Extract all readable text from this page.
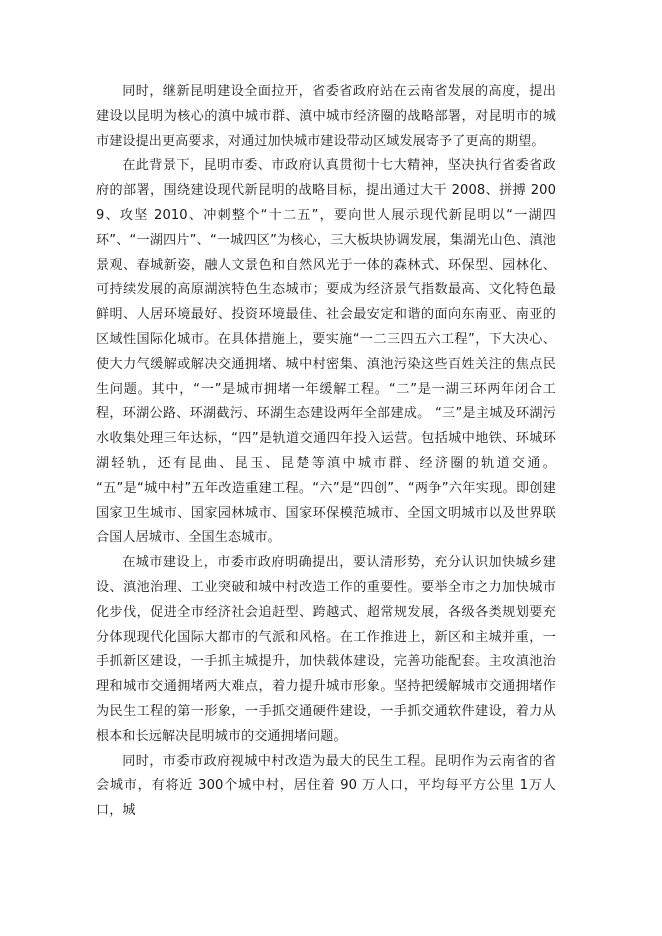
同时，继新昆明建设全面拉开，省委省政府站在云南省发展的高度，提出建设以昆明为核心的滇中城市群、滇中城市经济圈的战略部署，对昆明市的城市建设提出更高要求，对通过加快城市建设带动区域发展寄予了更高的期望。

在此背景下，昆明市委、市政府认真贯彻十七大精神，坚决执行省委省政府的部署，围绕建设现代新昆明的战略目标，提出通过大干 2008、拼搏 2009、攻坚 2010、冲刺整个“十二五”，要向世人展示现代新昆明以“一湖四环”、“一湖四片”、“一城四区”为核心，三大板块协调发展，集湖光山色、滇池景观、春城新姿，融人文景色和自然风光于一体的森林式、环保型、园林化、可持续发展的高原湖滨特色生态城市；要成为经济景气指数最高、文化特色最鲜明、人居环境最好、投资环境最佳、社会最安定和谐的面向东南亚、南亚的区域性国际化城市。在具体措施上，要实施“一二三四五六工程”，下大决心、使大力气缓解或解决交通拥堵、城中村密集、滇池污染这些百姓关注的焦点民生问题。其中，“一”是城市拥堵一年缓解工程。“二”是一湖三环两年闭合工程，环湖公路、环湖截污、环湖生态建设两年全部建成。 “三”是主城及环湖污水收集处理三年达标，“四”是轨道交通四年投入运营。包括城中地铁、环城环湖轻轨，还有昆曲、昆玉、昆楚等滇中城市群、经济圈的轨道交通。 “五”是“城中村”五年改造重建工程。“六”是“四创”、“两争”六年实现。即创建国家卫生城市、国家园林城市、国家环保模范城市、全国文明城市以及世界联合国人居城市、全国生态城市。

在城市建设上，市委市政府明确提出，要认清形势，充分认识加快城乡建设、滇池治理、工业突破和城中村改造工作的重要性。要举全市之力加快城市化步伐，促进全市经济社会追赶型、跨越式、超常规发展，各级各类规划要充分体现现代化国际大都市的气派和风格。在工作推进上，新区和主城并重，一手抓新区建设，一手抓主城提升，加快载体建设，完善功能配套。主攻滇池治理和城市交通拥堵两大难点，着力提升城市形象。坚持把缓解城市交通拥堵作为民生工程的第一形象，一手抓交通硬件建设，一手抓交通软件建设，着力从根本和长远解决昆明城市的交通拥堵问题。

同时，市委市政府视城中村改造为最大的民生工程。昆明作为云南省的省会城市，有将近 300个城中村，居住着 90 万人口，平均每平方公里 1万人口，城
